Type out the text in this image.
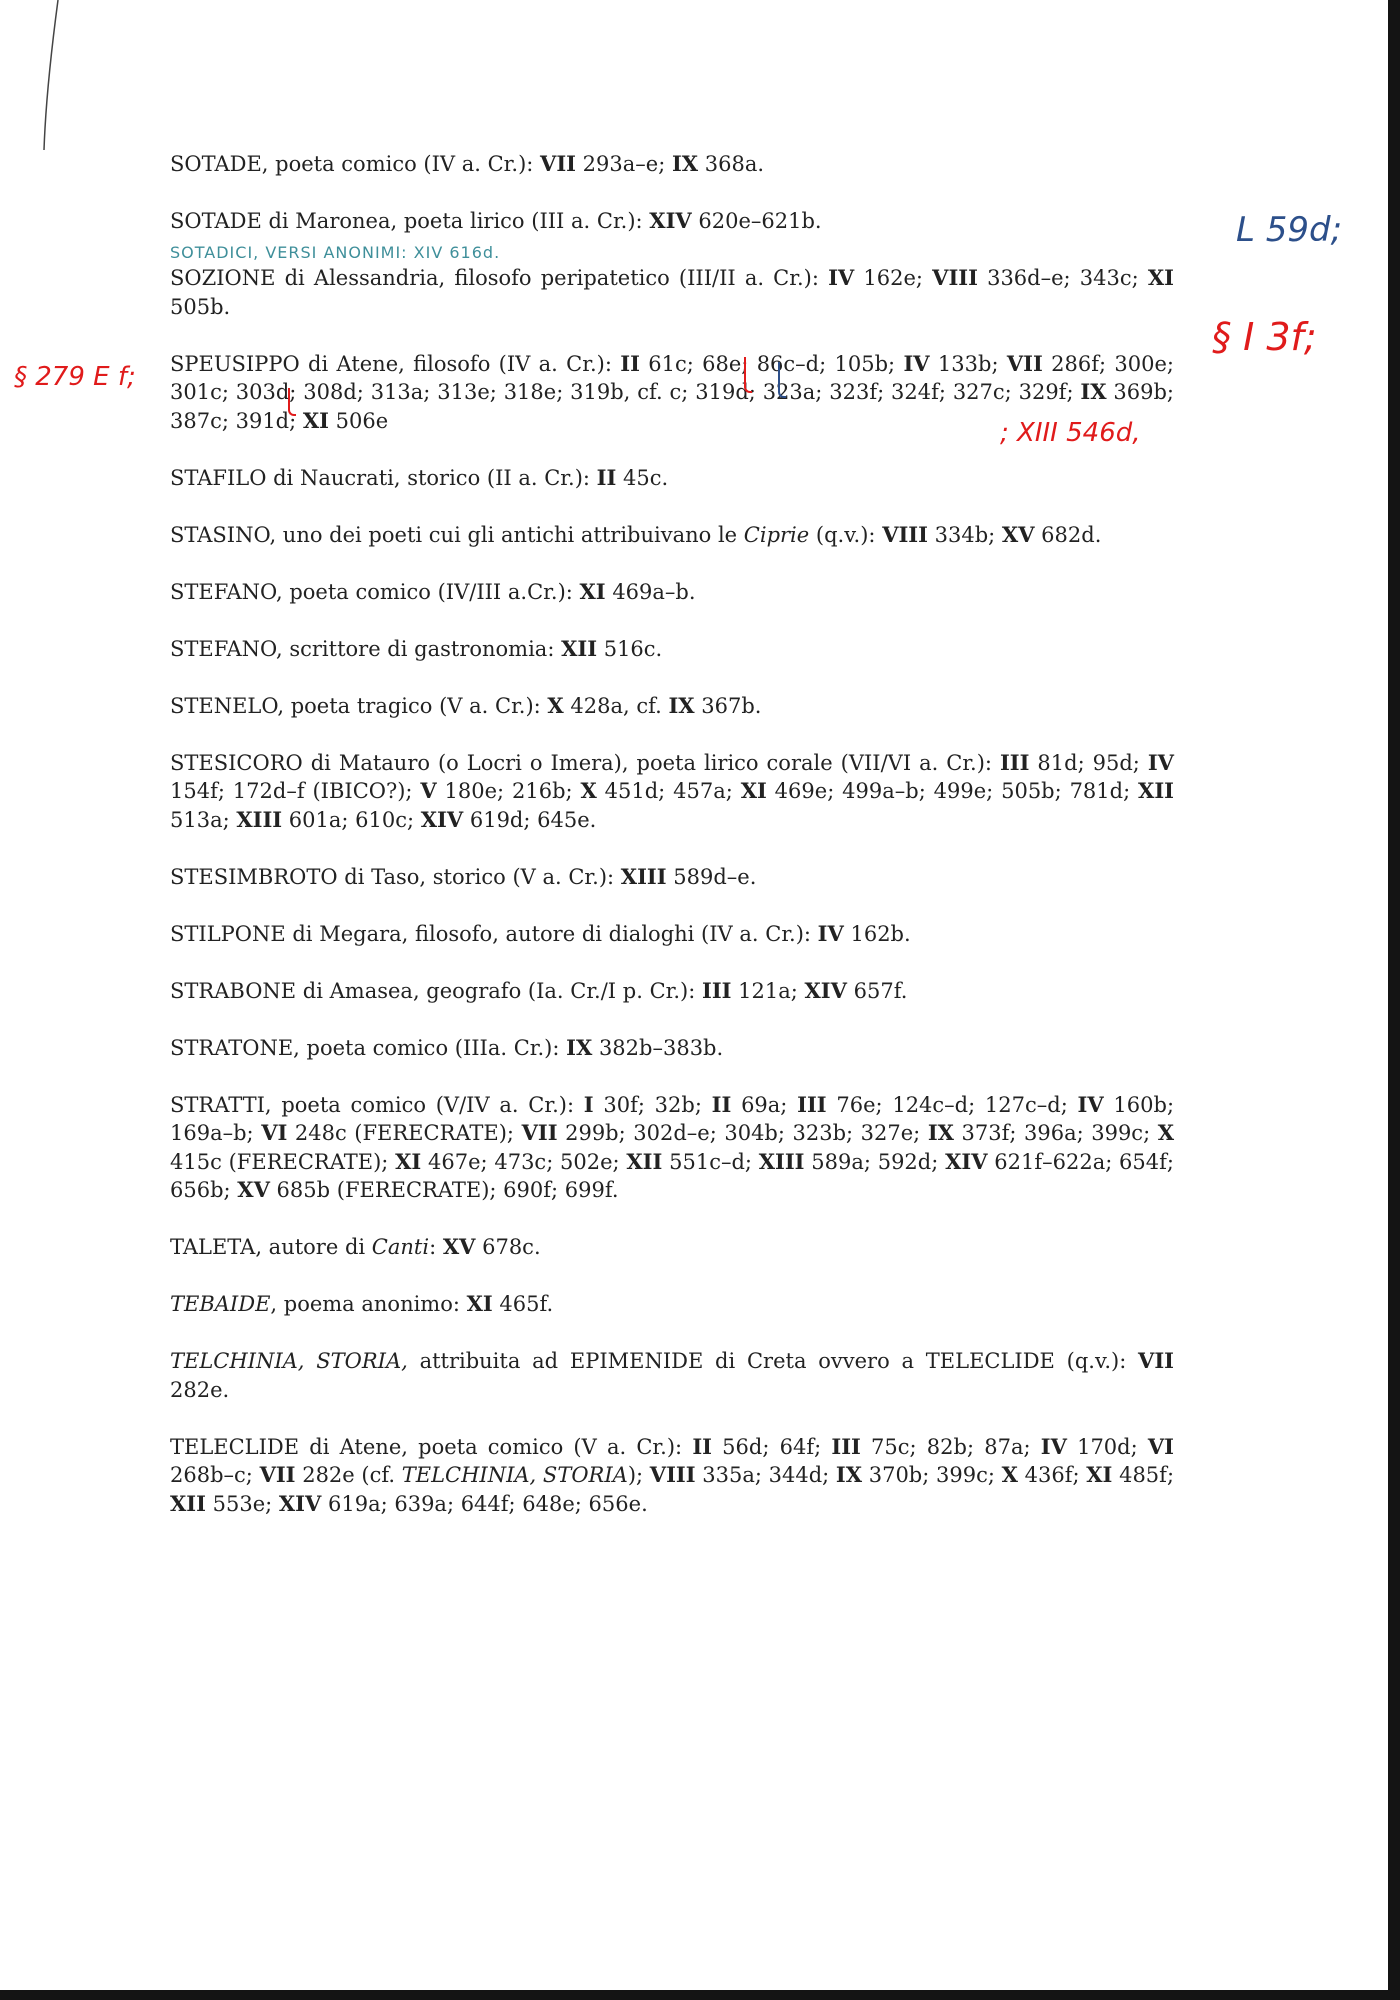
SOTADE, poeta comico (IV a. Cr.): VII 293a–e; IX 368a.

SOTADE di Maronea, poeta lirico (III a. Cr.): XIV 620e–621b.

SOZIONE di Alessandria, filosofo peripatetico (III/II a. Cr.): IV 162e; VIII 336d–e; 343c; XI 505b.

SPEUSIPPO di Atene, filosofo (IV a. Cr.): II 61c; 68e; 86c–d; 105b; IV 133b; VII 286f; 300e; 301c; 303d; 308d; 313a; 313e; 318e; 319b, cf. c; 319d; 323a; 323f; 324f; 327c; 329f; IX 369b; 387c; 391d; XI 506e

STAFILO di Naucrati, storico (II a. Cr.): II 45c.

STASINO, uno dei poeti cui gli antichi attribuivano le Ciprie (q.v.): VIII 334b; XV 682d.

STEFANO, poeta comico (IV/III a.Cr.): XI 469a–b.

STEFANO, scrittore di gastronomia: XII 516c.

STENELO, poeta tragico (V a. Cr.): X 428a, cf. IX 367b.

STESICORO di Matauro (o Locri o Imera), poeta lirico corale (VII/VI a. Cr.): III 81d; 95d; IV 154f; 172d–f (IBICO?); V 180e; 216b; X 451d; 457a; XI 469e; 499a–b; 499e; 505b; 781d; XII 513a; XIII 601a; 610c; XIV 619d; 645e.

STESIMBROTO di Taso, storico (V a. Cr.): XIII 589d–e.

STILPONE di Megara, filosofo, autore di dialoghi (IV a. Cr.): IV 162b.

STRABONE di Amasea, geografo (Ia. Cr./I p. Cr.): III 121a; XIV 657f.

STRATONE, poeta comico (IIIa. Cr.): IX 382b–383b.

STRATTI, poeta comico (V/IV a. Cr.): I 30f; 32b; II 69a; III 76e; 124c–d; 127c–d; IV 160b; 169a–b; VI 248c (FERECRATE); VII 299b; 302d–e; 304b; 323b; 327e; IX 373f; 396a; 399c; X 415c (FERECRATE); XI 467e; 473c; 502e; XII 551c–d; XIII 589a; 592d; XIV 621f–622a; 654f; 656b; XV 685b (FERECRATE); 690f; 699f.

TALETA, autore di Canti: XV 678c.

TEBAIDE, poema anonimo: XI 465f.

TELCHINIA, STORIA, attribuita ad EPIMENIDE di Creta ovvero a TELECLIDE (q.v.): VII 282e.

TELECLIDE di Atene, poeta comico (V a. Cr.): II 56d; 64f; III 75c; 82b; 87a; IV 170d; VI 268b–c; VII 282e (cf. TELCHINIA, STORIA); VIII 335a; 344d; IX 370b; 399c; X 436f; XI 485f; XII 553e; XIV 619a; 639a; 644f; 648e; 656e.

SOTADICI, VERSI ANONIMI: XIV 616d.
L 59d;
§ I 3f;
§ 279 E f;
; XIII 546d,
